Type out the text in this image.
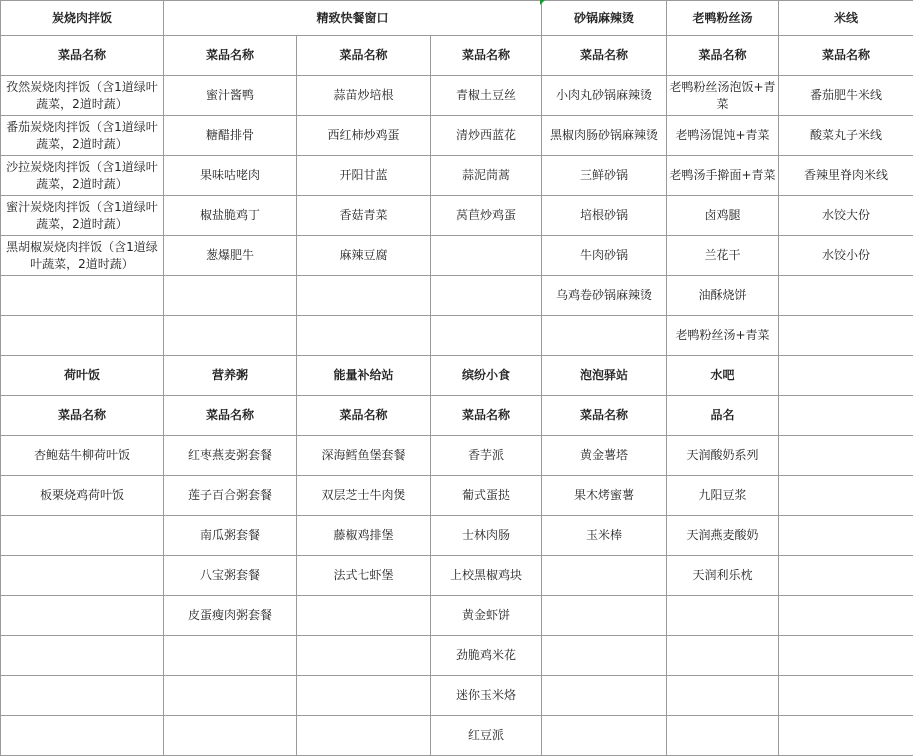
炭烧肉拌饭	精致快餐窗口			砂锅麻辣烫	老鸭粉丝汤	米线
菜品名称	菜品名称	菜品名称	菜品名称	菜品名称	菜品名称	菜品名称
孜然炭烧肉拌饭（含1道绿叶蔬菜，2道时蔬）	蜜汁酱鸭	蒜苗炒培根	青椒土豆丝	小肉丸砂锅麻辣烫	老鸭粉丝汤泡饭+青菜	番茄肥牛米线
番茄炭烧肉拌饭（含1道绿叶蔬菜，2道时蔬）	糖醋排骨	西红柿炒鸡蛋	清炒西蓝花	黑椒肉肠砂锅麻辣烫	老鸭汤馄饨+青菜	酸菜丸子米线
沙拉炭烧肉拌饭（含1道绿叶蔬菜，2道时蔬）	果味咕咾肉	开阳甘蓝	蒜泥茼蒿	三鲜砂锅	老鸭汤手擀面+青菜	香辣里脊肉米线
蜜汁炭烧肉拌饭（含1道绿叶蔬菜，2道时蔬）	椒盐脆鸡丁	香菇青菜	莴苣炒鸡蛋	培根砂锅	卤鸡腿	水饺大份
黑胡椒炭烧肉拌饭（含1道绿叶蔬菜，2道时蔬）	葱爆肥牛	麻辣豆腐		牛肉砂锅	兰花干	水饺小份
				乌鸡卷砂锅麻辣烫	油酥烧饼	
					老鸭粉丝汤+青菜	
荷叶饭	营养粥	能量补给站	缤纷小食	泡泡驿站	水吧	
菜品名称	菜品名称	菜品名称	菜品名称	菜品名称	品名	
杏鲍菇牛柳荷叶饭	红枣燕麦粥套餐	深海鳕鱼堡套餐	香芋派	黄金薯塔	天润酸奶系列	
板栗烧鸡荷叶饭	莲子百合粥套餐	双层芝士牛肉煲	葡式蛋挞	果木烤蜜薯	九阳豆浆	
	南瓜粥套餐	藤椒鸡排堡	士林肉肠	玉米棒	天润燕麦酸奶	
	八宝粥套餐	法式七虾堡	上校黑椒鸡块		天润利乐枕	
	皮蛋瘦肉粥套餐		黄金虾饼			
			劲脆鸡米花			
			迷你玉米烙			
			红豆派			
